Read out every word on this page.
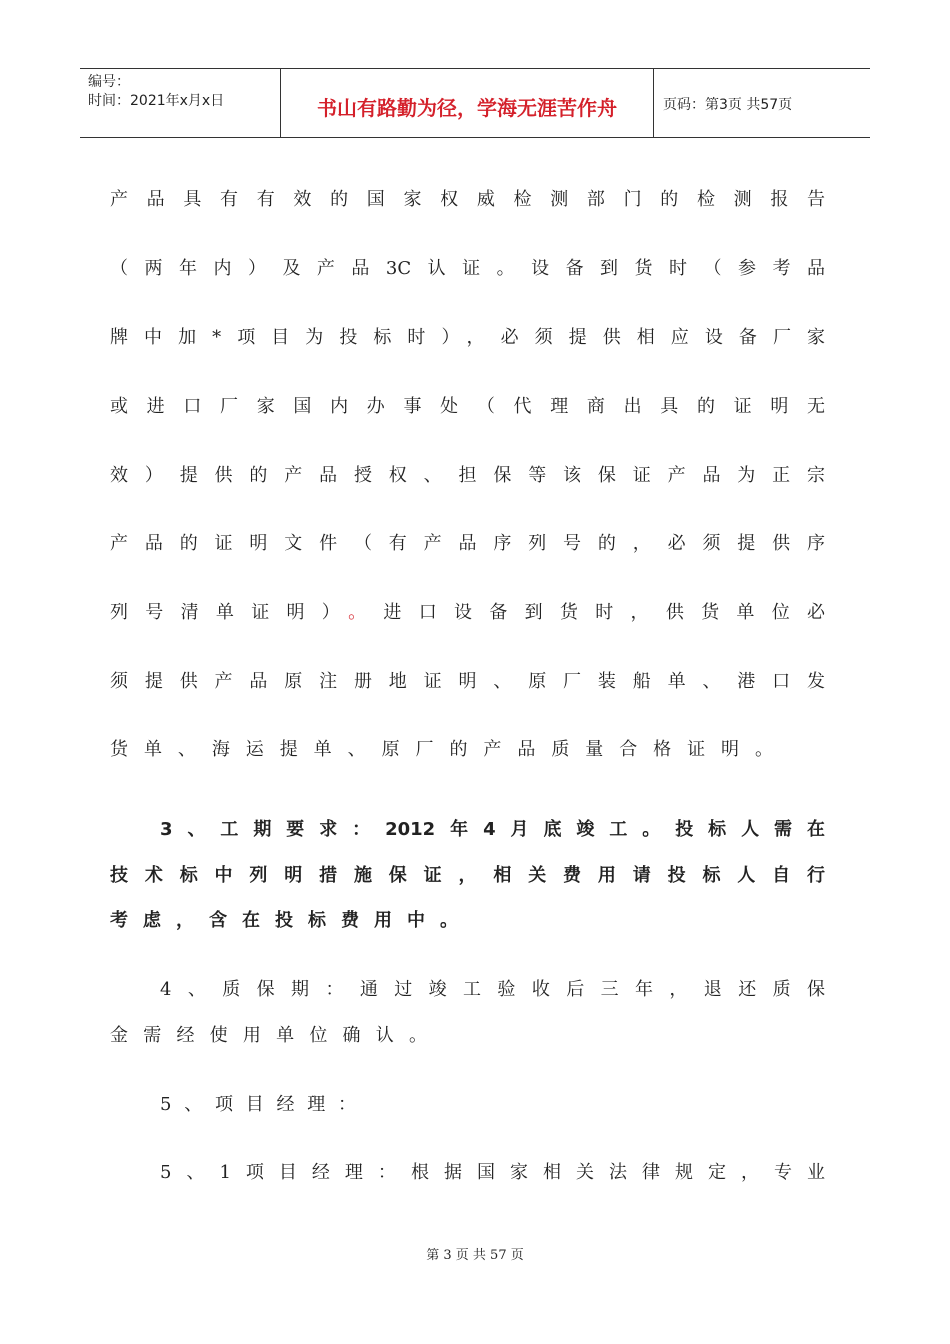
编号：
时间：2021年x月x日	书山有路勤为径，学海无涯苦作舟	页码：第3页 共57页
产品具有有效的国家权威检测部门的检测报告
（两年内）及产品3C认证。设备到货时（参考品
牌中加*项目为投标时），必须提供相应设备厂家
或进口厂家国内办事处（代理商出具的证明无
效）提供的产品授权、担保等该保证产品为正宗
产品的证明文件（有产品序列号的，必须提供序
列号清单证明）。进口设备到货时，供货单位必
须提供产品原注册地证明、原厂装船单、港口发
货单、海运提单、原厂的产品质量合格证明。
3、工期要求：2012年4月底竣工。投标人需在
技术标中列明措施保证，相关费用请投标人自行
考虑，含在投标费用中。
4、质保期：通过竣工验收后三年，退还质保
金需经使用单位确认。
5、项目经理：
5、1项目经理：根据国家相关法律规定，专业
第 3 页 共 57 页
